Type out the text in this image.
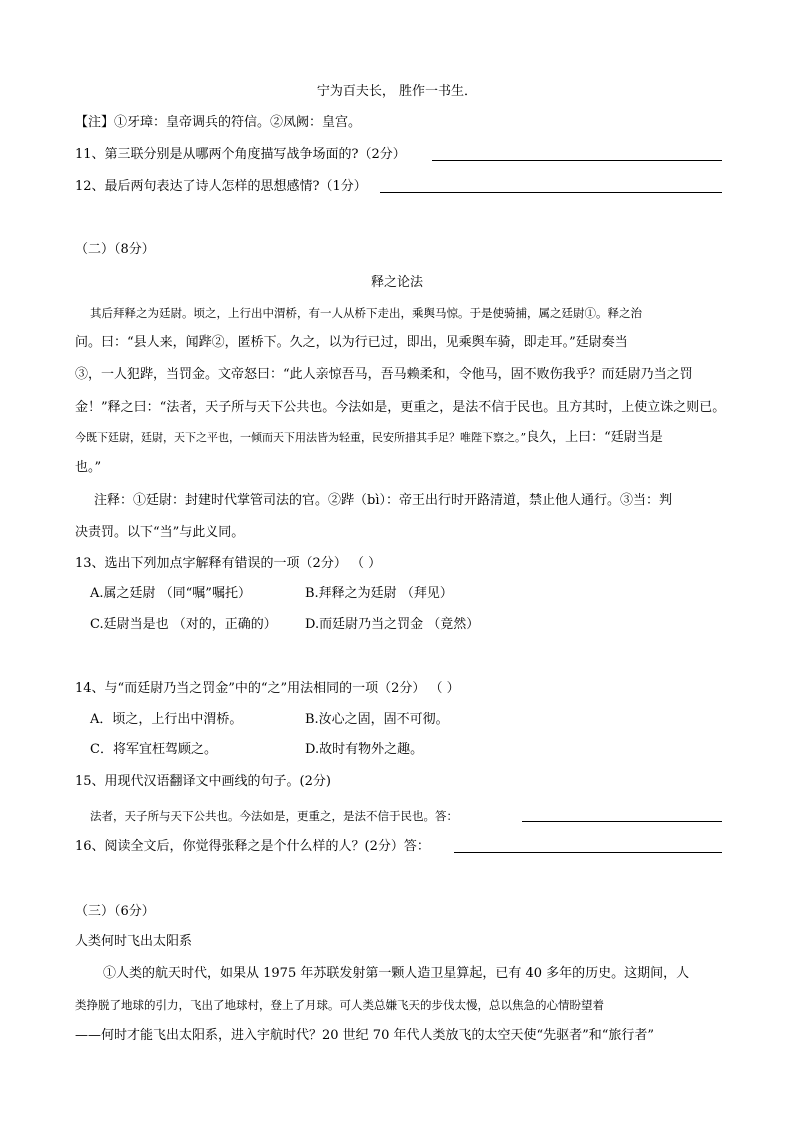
宁为百夫长， 胜作一书生．
【注】①牙璋：皇帝调兵的符信。②凤阙：皇宫。
11、第三联分别是从哪两个角度描写战争场面的?（2分）
12、最后两句表达了诗人怎样的思想感情?（1分）
（二）（8分）
释之论法
其后拜释之为廷尉。顷之，上行出中渭桥，有一人从桥下走出，乘舆马惊。于是使骑捕，属之廷尉①。释之治
问。曰：“县人来，闻跸②，匿桥下。久之，以为行已过，即出，见乘舆车骑，即走耳。”廷尉奏当
③，一人犯跸，当罚金。文帝怒曰：“此人亲惊吾马，吾马赖柔和，令他马，固不败伤我乎？而廷尉乃当之罚
金！”释之曰：“法者，天子所与天下公共也。今法如是，更重之，是法不信于民也。且方其时，上使立诛之则已。
今既下廷尉，廷尉，天下之平也，一倾而天下用法皆为轻重，民安所措其手足？唯陛下察之。”良久，上曰：“廷尉当是
也。”
注释：①廷尉：封建时代掌管司法的官。②跸（bì）：帝王出行时开路清道，禁止他人通行。③当：判
决责罚。以下“当”与此义同。
13、选出下列加点字解释有错误的一项（2分） （ ）
A.属之廷尉 （同“嘱”嘱托）	B.拜释之为廷尉 （拜见）
C.廷尉当是也 （对的，正确的） D.而廷尉乃当之罚金 （竟然）
14、与“而廷尉乃当之罚金”中的“之”用法相同的一项（2分） （ ）
A．顷之，上行出中渭桥。	B.汝心之固，固不可彻。
C．将军宜枉驾顾之。	D.故时有物外之趣。
15、用现代汉语翻译文中画线的句子。(2分)
法者，天子所与天下公共也。今法如是，更重之，是法不信于民也。答：
16、阅读全文后，你觉得张释之是个什么样的人？(2分）答：
（三）（6分）
人类何时飞出太阳系
①人类的航天时代，如果从 1975 年苏联发射第一颗人造卫星算起，已有 40 多年的历史。这期间，人
类挣脱了地球的引力，飞出了地球村，登上了月球。可人类总嫌飞天的步伐太慢，总以焦急的心情盼望着
——何时才能飞出太阳系，进入宇航时代？20 世纪 70 年代人类放飞的太空天使“先驱者”和“旅行者”
